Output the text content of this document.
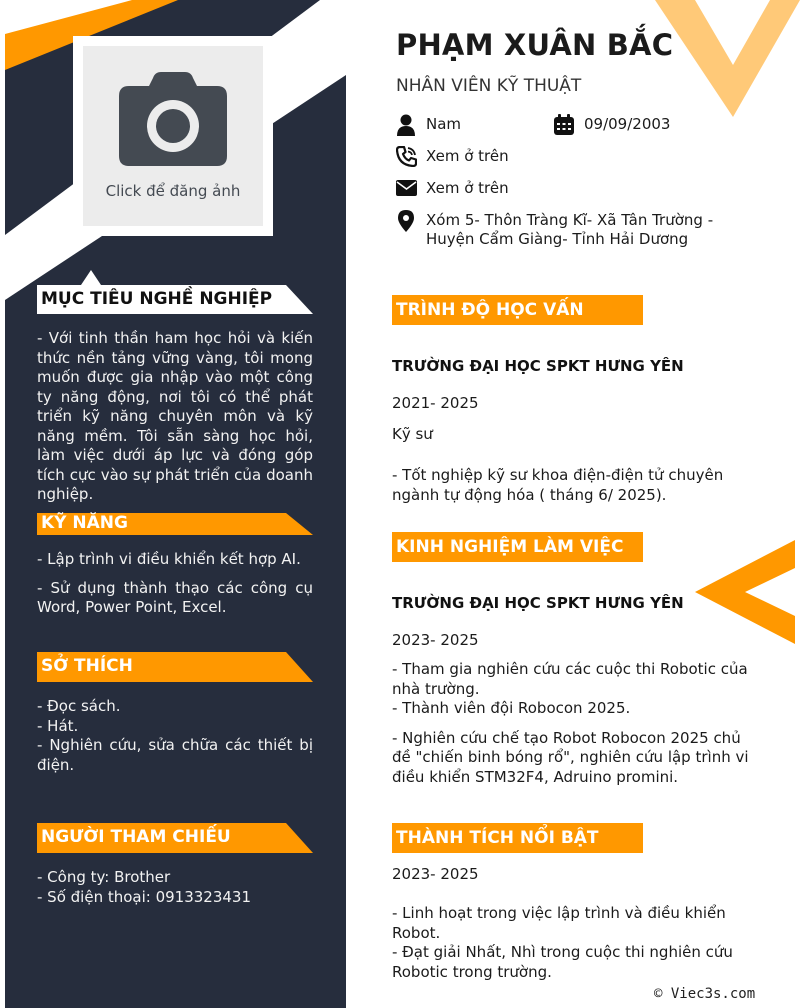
Click để đăng ảnh
PHẠM XUÂN BẮC
NHÂN VIÊN KỸ THUẬT
Nam	09/09/2003
Xem ở trên
Xem ở trên
Xóm 5- Thôn Tràng Kĩ- Xã Tân Trường -
Huyện Cẩm Giàng- Tỉnh Hải Dương
MỤC TIÊU NGHỀ NGHIỆP
- Với tinh thần ham học hỏi và kiến thức nền tảng vững vàng, tôi mong muốn được gia nhập vào một công ty năng động, nơi tôi có thể phát triển kỹ năng chuyên môn và kỹ năng mềm. Tôi sẵn sàng học hỏi, làm việc dưới áp lực và đóng góp tích cực vào sự phát triển của doanh nghiệp.
KỸ NĂNG

- Lập trình vi điều khiển kết hợp AI.

- Sử dụng thành thạo các công cụ Word, Power Point, Excel.

SỞ THÍCH

- Đọc sách.

- Hát.

- Nghiên cứu, sửa chữa các thiết bị điện.

NGƯỜI THAM CHIẾU

- Công ty: Brother

- Số điện thoại: 0913323431

TRÌNH ĐỘ HỌC VẤN
TRƯỜNG ĐẠI HỌC SPKT HƯNG YÊN
2021- 2025
Kỹ sư
- Tốt nghiệp kỹ sư khoa điện-điện tử chuyên ngành tự động hóa ( tháng 6/ 2025).
KINH NGHIỆM LÀM VIỆC
TRƯỜNG ĐẠI HỌC SPKT HƯNG YÊN
2023- 2025

- Tham gia nghiên cứu các cuộc thi Robotic của nhà trường.

- Thành viên đội Robocon 2025.

- Nghiên cứu chế tạo Robot Robocon 2025 chủ đề "chiến binh bóng rổ", nghiên cứu lập trình vi điều khiển STM32F4, Adruino promini.

THÀNH TÍCH NỔI BẬT
2023- 2025

- Linh hoạt trong việc lập trình và điều khiển Robot.

- Đạt giải Nhất, Nhì trong cuộc thi nghiên cứu Robotic trong trường.

© Viec3s.com
